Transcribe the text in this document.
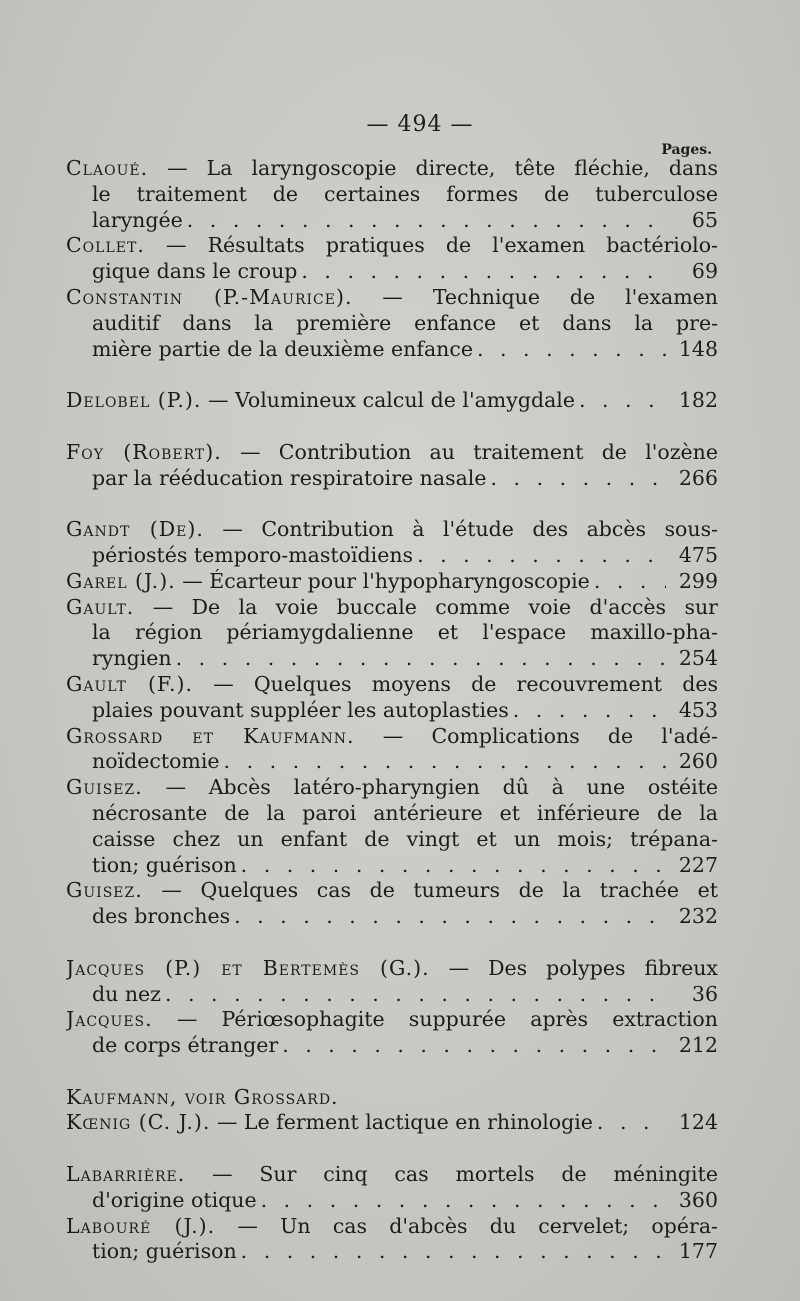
— 494 —
Pages.
Claoué. — La laryngoscopie directe, tête fléchie, dans
le traitement de certaines formes de tuberculose
laryngée . . .	65
Collet. — Résultats pratiques de l'examen bactériolo-
gique dans le croup . . .	69
Constantin (P.-Maurice). — Technique de l'examen
auditif dans la première enfance et dans la pre-
mière partie de la deuxième enfance . . .	148
Delobel (P.). — Volumineux calcul de l'amygdale . . .	182
Foy (Robert). — Contribution au traitement de l'ozène
par la rééducation respiratoire nasale . . .	266
Gandt (De). — Contribution à l'étude des abcès sous-
périostés temporo-mastoïdiens . . .	475
Garel (J.). — Écarteur pour l'hypopharyngoscopie . . .	299
Gault. — De la voie buccale comme voie d'accès sur
la région périamygdalienne et l'espace maxillo-pha-
ryngien . . .	254
Gault (F.). — Quelques moyens de recouvrement des
plaies pouvant suppléer les autoplasties . . .	453
Grossard et Kaufmann. — Complications de l'adé-
noïdectomie . . .	260
Guisez. — Abcès latéro-pharyngien dû à une ostéite
nécrosante de la paroi antérieure et inférieure de la
caisse chez un enfant de vingt et un mois; trépana-
tion; guérison . . .	227
Guisez. — Quelques cas de tumeurs de la trachée et
des bronches . . .	232
Jacques (P.) et Bertemès (G.). — Des polypes fibreux
du nez . . .	36
Jacques. — Périœsophagite suppurée après extraction
de corps étranger . . .	212
Kaufmann, voir Grossard.
Kœnig (C. J.). — Le ferment lactique en rhinologie . . .	124
Labarrière. — Sur cinq cas mortels de méningite
d'origine otique . . .	360
Labouré (J.). — Un cas d'abcès du cervelet; opéra-
tion; guérison . . .	177
